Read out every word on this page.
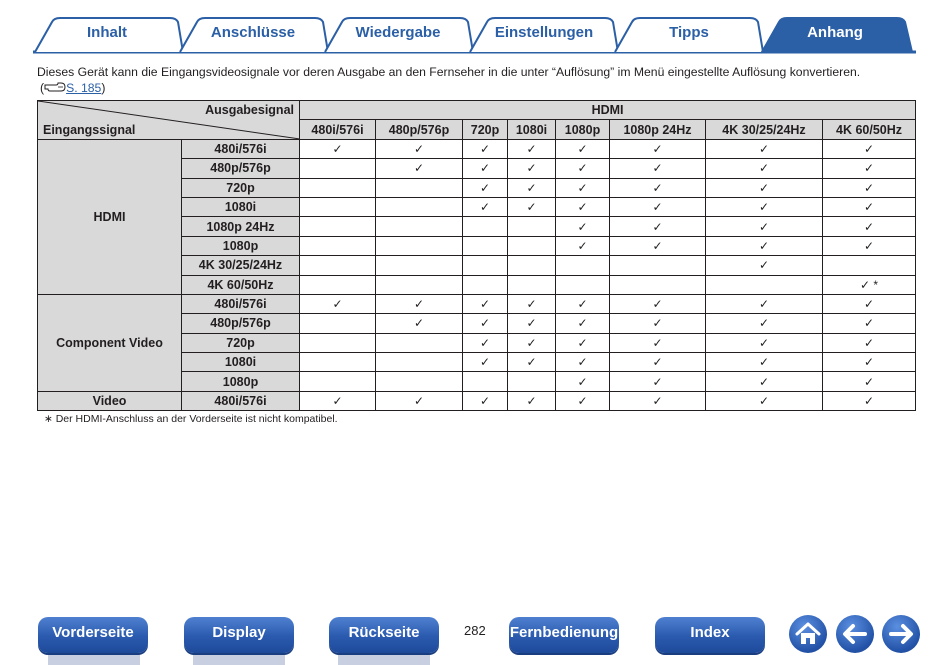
Inhalt	Anschlüsse	Wiedergabe	Einstellungen	Tipps	Anhang
Dieses Gerät kann die Eingangsvideosignale vor deren Ausgabe an den Fernseher in die unter “Auflösung” im Menü eingestellte Auflösung konvertieren.
( S. 185)
Ausgabesignal
Eingangssignal		HDMI							
		480i/576i	480p/576p	720p	1080i	1080p	1080p 24Hz	4K 30/25/24Hz	4K 60/50Hz
HDMI	480i/576i	✓	✓	✓	✓	✓	✓	✓	✓
	480p/576p		✓	✓	✓	✓	✓	✓	✓
	720p			✓	✓	✓	✓	✓	✓
	1080i			✓	✓	✓	✓	✓	✓
	1080p 24Hz					✓	✓	✓	✓
	1080p					✓	✓	✓	✓
	4K 30/25/24Hz							✓	
	4K 60/50Hz								✓ *
Component Video	480i/576i	✓	✓	✓	✓	✓	✓	✓	✓
	480p/576p		✓	✓	✓	✓	✓	✓	✓
	720p			✓	✓	✓	✓	✓	✓
	1080i			✓	✓	✓	✓	✓	✓
	1080p					✓	✓	✓	✓
Video	480i/576i	✓	✓	✓	✓	✓	✓	✓	✓
∗ Der HDMI-Anschluss an der Vorderseite ist nicht kompatibel.
Vorderseite	Display	Rückseite	282 Fernbedienung	Index
